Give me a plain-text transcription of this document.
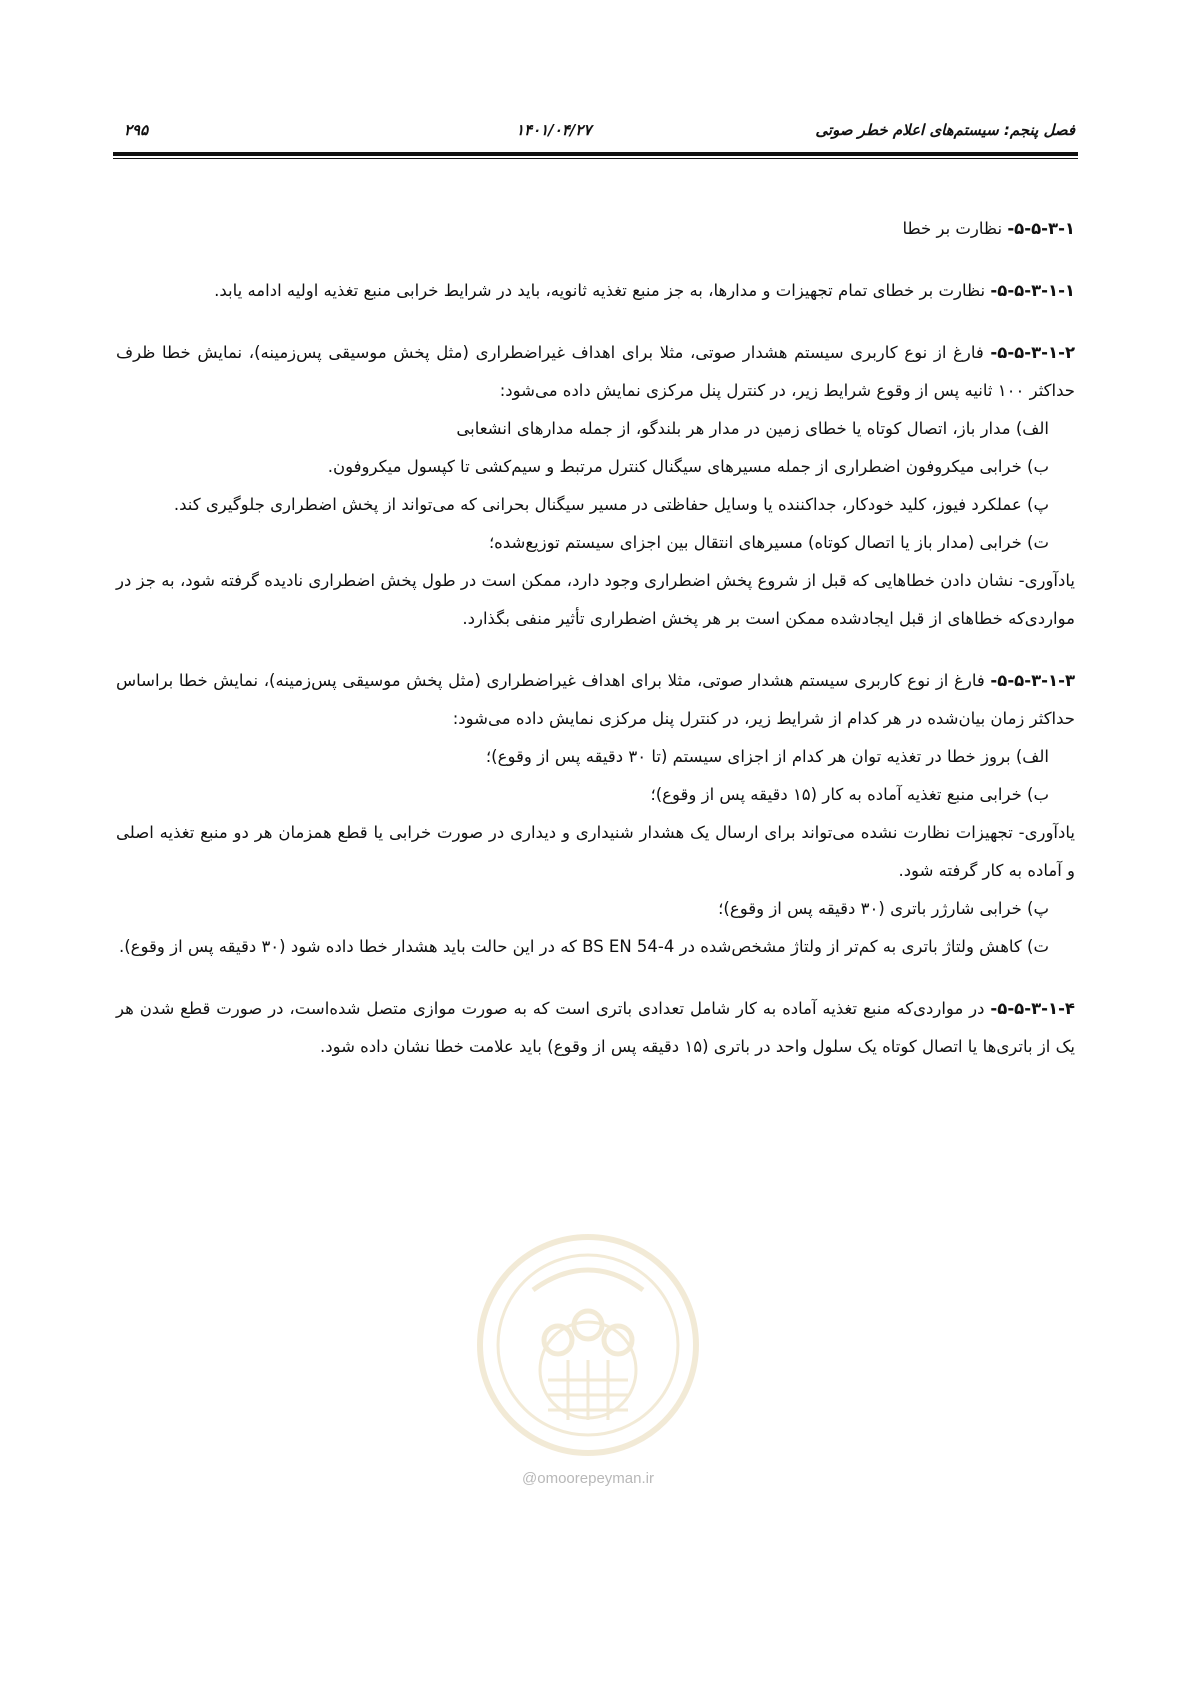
فصل پنجم: سیستم‌های اعلام خطر صوتی
۱۴۰۱/۰۴/۲۷
۲۹۵

۵-۵-۳-۱- نظارت بر خطا

۵-۵-۳-۱-۱- نظارت بر خطای تمام تجهیزات و مدارها، به جز منبع تغذیه ثانویه، باید در شرایط خرابی منبع تغذیه اولیه ادامه یابد.

۵-۵-۳-۱-۲- فارغ از نوع کاربری سیستم هشدار صوتی، مثلا برای اهداف غیراضطراری (مثل پخش موسیقی پس‌زمینه)، نمایش خطا ظرف حداکثر ۱۰۰ ثانیه پس از وقوع شرایط زیر، در کنترل پنل مرکزی نمایش داده می‌شود:

الف) مدار باز، اتصال کوتاه یا خطای زمین در مدار هر بلندگو، از جمله مدارهای انشعابی

ب) خرابی میکروفون اضطراری از جمله مسیرهای سیگنال کنترل مرتبط و سیم‌کشی تا کپسول میکروفون.

پ) عملکرد فیوز، کلید خودکار، جداکننده یا وسایل حفاظتی در مسیر سیگنال بحرانی که می‌تواند از پخش اضطراری جلوگیری کند.

ت) خرابی (مدار باز یا اتصال کوتاه) مسیرهای انتقال بین اجزای سیستم توزیع‌شده؛

یادآوری- نشان دادن خطاهایی که قبل از شروع پخش اضطراری وجود دارد، ممکن است در طول پخش اضطراری نادیده گرفته شود، به جز در مواردی‌که خطاهای از قبل ایجادشده ممکن است بر هر پخش اضطراری تأثیر منفی بگذارد.

۵-۵-۳-۱-۳- فارغ از نوع کاربری سیستم هشدار صوتی، مثلا برای اهداف غیراضطراری (مثل پخش موسیقی پس‌زمینه)، نمایش خطا براساس حداکثر زمان بیان‌شده در هر کدام از شرایط زیر، در کنترل پنل مرکزی نمایش داده می‌شود:

الف) بروز خطا در تغذیه توان هر کدام از اجزای سیستم (تا ۳۰ دقیقه پس از وقوع)؛

ب) خرابی منبع تغذیه آماده به کار (۱۵ دقیقه پس از وقوع)؛

یادآوری- تجهیزات نظارت نشده می‌تواند برای ارسال یک هشدار شنیداری و دیداری در صورت خرابی یا قطع همزمان هر دو منبع تغذیه اصلی و آماده به کار گرفته شود.

پ) خرابی شارژر باتری (۳۰ دقیقه پس از وقوع)؛

ت) کاهش ولتاژ باتری به کم‌تر از ولتاژ مشخص‌شده در BS EN 54-4 که در این حالت باید هشدار خطا داده شود (۳۰ دقیقه پس از وقوع).

۵-۵-۳-۱-۴- در مواردی‌که منبع تغذیه آماده به کار شامل تعدادی باتری است که به صورت موازی متصل شده‌است، در صورت قطع شدن هر یک از باتری‌ها یا اتصال کوتاه یک سلول واحد در باتری (۱۵ دقیقه پس از وقوع) باید علامت خطا نشان داده شود.

@omoorepeyman.ir
